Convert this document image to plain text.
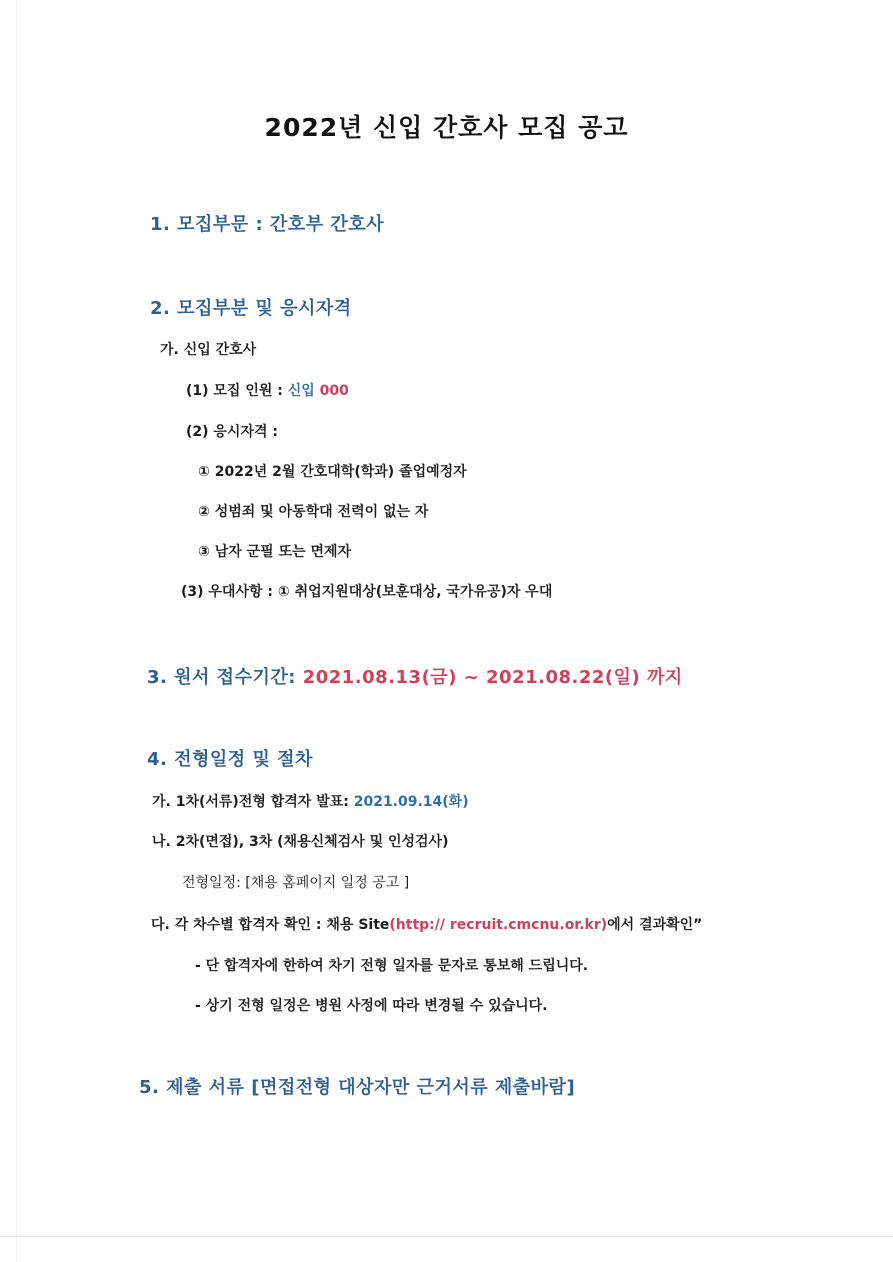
2022년 신입 간호사 모집 공고
1. 모집부문 : 간호부 간호사
2. 모집부분 및 응시자격
가. 신입 간호사
(1) 모집 인원 : 신입 000
(2) 응시자격 :
① 2022년 2월 간호대학(학과) 졸업예정자
② 성범죄 및 아동학대 전력이 없는 자
③ 남자 군필 또는 면제자
(3) 우대사항 : ① 취업지원대상(보훈대상, 국가유공)자 우대
3. 원서 접수기간: 2021.08.13(금) ~ 2021.08.22(일) 까지
4. 전형일정 및 절차
가. 1차(서류)전형 합격자 발표: 2021.09.14(화)
나. 2차(면접), 3차 (채용신체검사 및 인성검사)
전형일정: [채용 홈페이지 일정 공고 ]
다. 각 차수별 합격자 확인 : 채용 Site(http:// recruit.cmcnu.or.kr)에서 결과확인”
- 단 합격자에 한하여 차기 전형 일자를 문자로 통보해 드립니다.
- 상기 전형 일정은 병원 사정에 따라 변경될 수 있습니다.
5. 제출 서류 [면접전형 대상자만 근거서류 제출바람]
